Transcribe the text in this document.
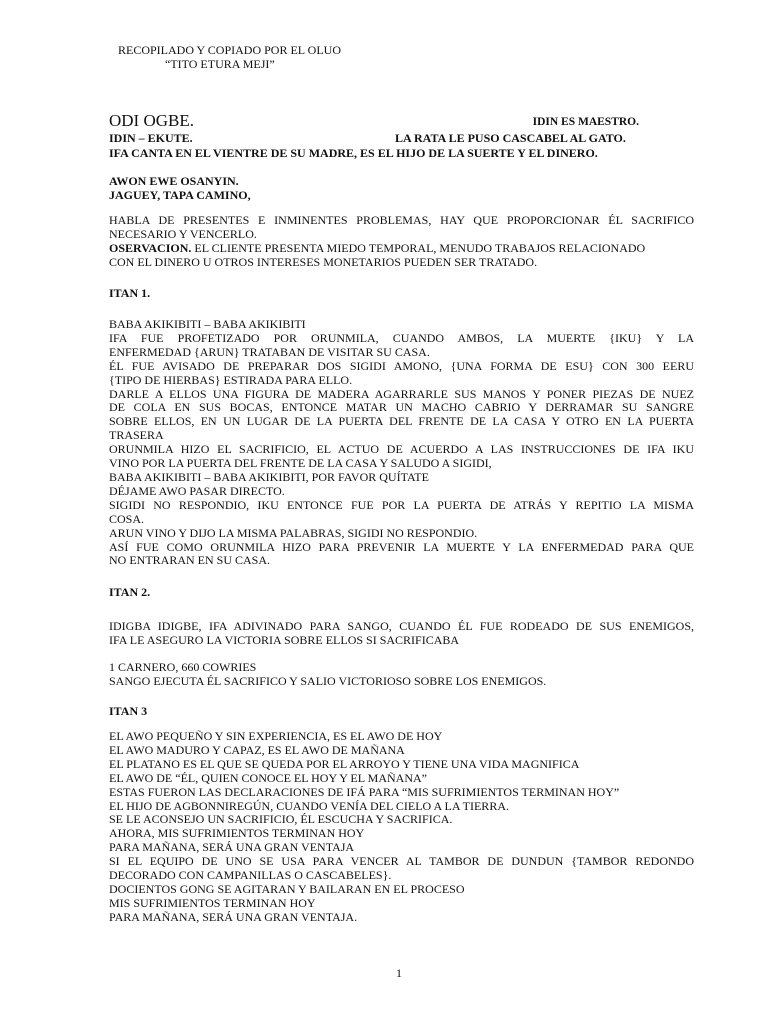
RECOPILADO Y COPIADO POR EL OLUO
“TITO ETURA MEJI”
ODI OGBE.	IDIN ES MAESTRO.
IDIN – EKUTE.	LA RATA LE PUSO CASCABEL AL GATO.
IFA CANTA EN EL VIENTRE DE SU MADRE, ES EL HIJO DE LA SUERTE Y EL DINERO.
AWON EWE OSANYIN.
JAGUEY, TAPA CAMINO,
HABLA DE PRESENTES E INMINENTES PROBLEMAS, HAY QUE PROPORCIONAR ÉL SACRIFICO
NECESARIO Y VENCERLO.
OSERVACION. EL CLIENTE PRESENTA MIEDO TEMPORAL, MENUDO TRABAJOS RELACIONADO
CON EL DINERO U OTROS INTERESES MONETARIOS PUEDEN SER TRATADO.
ITAN 1.
BABA AKIKIBITI – BABA AKIKIBITI
IFA FUE PROFETIZADO POR ORUNMILA, CUANDO AMBOS, LA MUERTE {IKU} Y LA
ENFERMEDAD {ARUN} TRATABAN DE VISITAR SU CASA.
ÉL FUE AVISADO DE PREPARAR DOS SIGIDI AMONO, {UNA FORMA DE ESU} CON 300 EERU
{TIPO DE HIERBAS} ESTIRADA PARA ELLO.
DARLE A ELLOS UNA FIGURA DE MADERA AGARRARLE SUS MANOS Y PONER PIEZAS DE NUEZ
DE COLA EN SUS BOCAS, ENTONCE MATAR UN MACHO CABRIO Y DERRAMAR SU SANGRE
SOBRE ELLOS, EN UN LUGAR DE LA PUERTA DEL FRENTE DE LA CASA Y OTRO EN LA PUERTA
TRASERA
ORUNMILA HIZO EL SACRIFICIO, EL ACTUO DE ACUERDO A LAS INSTRUCCIONES DE IFA IKU
VINO POR LA PUERTA DEL FRENTE DE LA CASA Y SALUDO A SIGIDI,
BABA AKIKIBITI – BABA AKIKIBITI, POR FAVOR QUÍTATE
DÉJAME AWO PASAR DIRECTO.
SIGIDI NO RESPONDIO, IKU ENTONCE FUE POR LA PUERTA DE ATRÁS Y REPITIO LA MISMA
COSA.
ARUN VINO Y DIJO LA MISMA PALABRAS, SIGIDI NO RESPONDIO.
ASÍ FUE COMO ORUNMILA HIZO PARA PREVENIR LA MUERTE Y LA ENFERMEDAD PARA QUE
NO ENTRARAN EN SU CASA.
ITAN 2.
IDIGBA IDIGBE, IFA ADIVINADO PARA SANGO, CUANDO ÉL FUE RODEADO DE SUS ENEMIGOS,
IFA LE ASEGURO LA VICTORIA SOBRE ELLOS SI SACRIFICABA
1 CARNERO, 660 COWRIES
SANGO EJECUTA ÉL SACRIFICO Y SALIO VICTORIOSO SOBRE LOS ENEMIGOS.
ITAN 3
EL AWO PEQUEÑO Y SIN EXPERIENCIA, ES EL AWO DE HOY
EL AWO MADURO Y CAPAZ, ES EL AWO DE MAÑANA
EL PLATANO ES EL QUE SE QUEDA POR EL ARROYO Y TIENE UNA VIDA MAGNIFICA
EL AWO DE “ÉL, QUIEN CONOCE EL HOY Y EL MAÑANA”
ESTAS FUERON LAS DECLARACIONES DE IFÁ PARA “MIS SUFRIMIENTOS TERMINAN HOY”
EL HIJO DE AGBONNIREGÚN, CUANDO VENÍA DEL CIELO A LA TIERRA.
SE LE ACONSEJO UN SACRIFICIO, ÉL ESCUCHA Y SACRIFICA.
AHORA, MIS SUFRIMIENTOS TERMINAN HOY
PARA MAÑANA, SERÁ UNA GRAN VENTAJA
SI EL EQUIPO DE UNO SE USA PARA VENCER AL TAMBOR DE DUNDUN {TAMBOR REDONDO
DECORADO CON CAMPANILLAS O CASCABELES}.
DOCIENTOS GONG SE AGITARAN Y BAILARAN EN EL PROCESO
MIS SUFRIMIENTOS TERMINAN HOY
PARA MAÑANA, SERÁ UNA GRAN VENTAJA.
1
